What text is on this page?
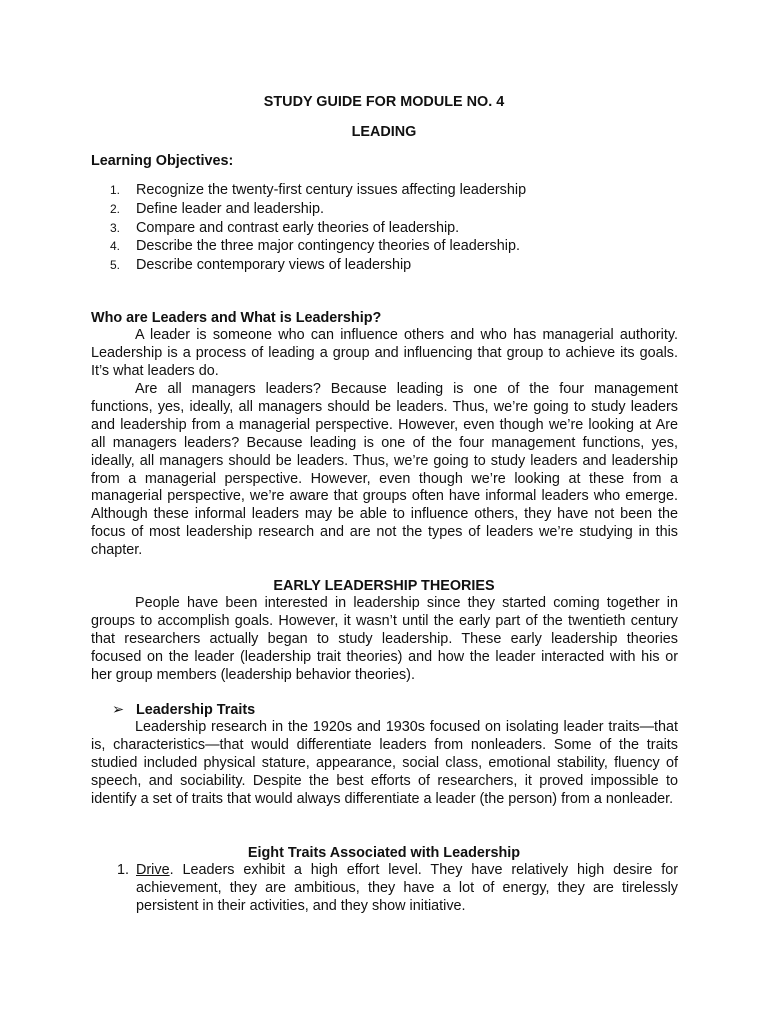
STUDY GUIDE FOR MODULE NO. 4
LEADING
Learning Objectives:
1. Recognize the twenty-first century issues affecting leadership
2. Define leader and leadership.
3. Compare and contrast early theories of leadership.
4. Describe the three major contingency theories of leadership.
5. Describe contemporary views of leadership
Who are Leaders and What is Leadership?
A leader is someone who can influence others and who has managerial authority. Leadership is a process of leading a group and influencing that group to achieve its goals. It’s what leaders do.
Are all managers leaders? Because leading is one of the four management functions, yes, ideally, all managers should be leaders. Thus, we’re going to study leaders and leadership from a managerial perspective. However, even though we’re looking at Are all managers leaders? Because leading is one of the four management functions, yes, ideally, all managers should be leaders. Thus, we’re going to study leaders and leadership from a managerial perspective. However, even though we’re looking at these from a managerial perspective, we’re aware that groups often have informal leaders who emerge. Although these informal leaders may be able to influence others, they have not been the focus of most leadership research and are not the types of leaders we’re studying in this chapter.
EARLY LEADERSHIP THEORIES
People have been interested in leadership since they started coming together in groups to accomplish goals. However, it wasn’t until the early part of the twentieth century that researchers actually began to study leadership. These early leadership theories focused on the leader (leadership trait theories) and how the leader interacted with his or her group members (leadership behavior theories).
➢ Leadership Traits
Leadership research in the 1920s and 1930s focused on isolating leader traits—that is, characteristics—that would differentiate leaders from nonleaders. Some of the traits studied included physical stature, appearance, social class, emotional stability, fluency of speech, and sociability. Despite the best efforts of researchers, it proved impossible to identify a set of traits that would always differentiate a leader (the person) from a nonleader.
Eight Traits Associated with Leadership
1. Drive. Leaders exhibit a high effort level. They have relatively high desire for achievement, they are ambitious, they have a lot of energy, they are tirelessly persistent in their activities, and they show initiative.
